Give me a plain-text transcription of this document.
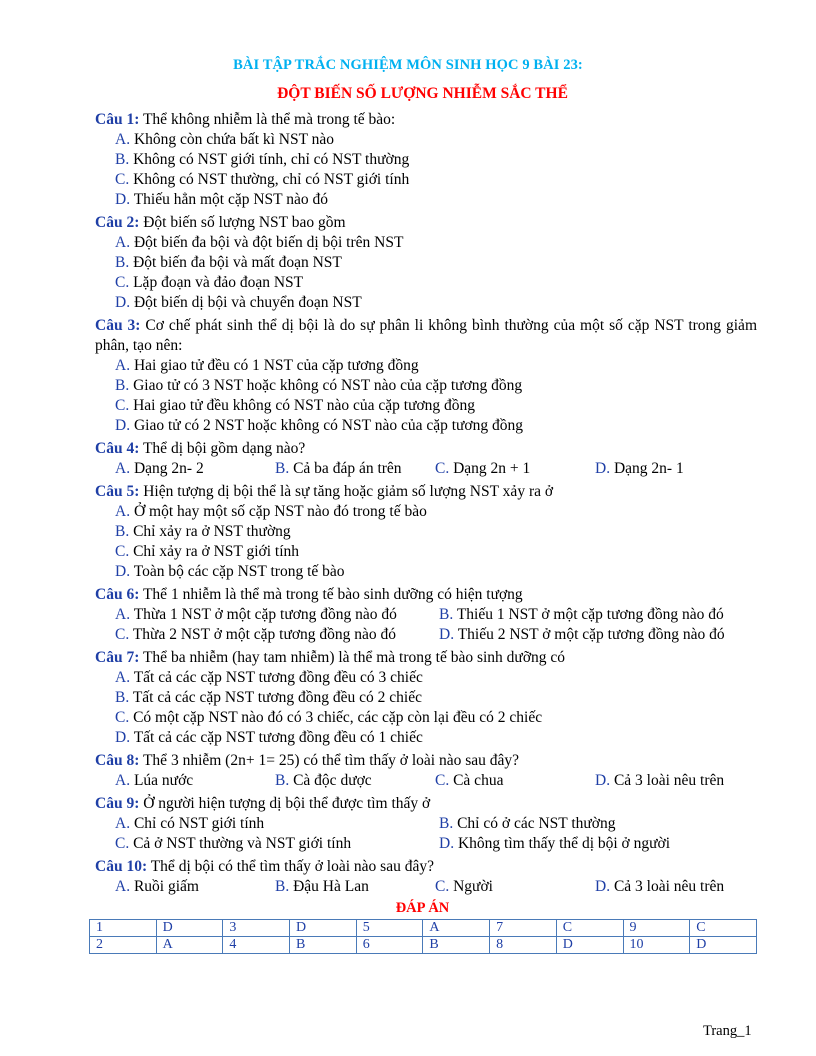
BÀI TẬP TRẮC NGHIỆM MÔN SINH HỌC 9 BÀI 23:
ĐỘT BIẾN SỐ LƯỢNG NHIỄM SẮC THỂ
Câu 1: Thể không nhiễm là thể mà trong tế bào:
A. Không còn chứa bất kì NST nào
B. Không có NST giới tính, chỉ có NST thường
C. Không có NST thường, chỉ có NST giới tính
D. Thiếu hẳn một cặp NST nào đó
Câu 2: Đột biến số lượng NST bao gồm
A. Đột biến đa bội và đột biến dị bội trên NST
B. Đột biến đa bội và mất đoạn NST
C. Lặp đoạn và đảo đoạn NST
D. Đột biến dị bội và chuyển đoạn NST
Câu 3: Cơ chế phát sinh thể dị bội là do sự phân li không bình thường của một số cặp NST trong giảm phân, tạo nên:
A. Hai giao tử đều có 1 NST của cặp tương đồng
B. Giao tử có 3 NST hoặc không có NST nào của cặp tương đồng
C. Hai giao tử đều không có NST nào của cặp tương đồng
D. Giao tử có 2 NST hoặc không có NST nào của cặp tương đồng
Câu 4: Thể dị bội gồm dạng nào?
A. Dạng 2n- 2	B. Cả ba đáp án trên	C. Dạng 2n + 1	D. Dạng 2n- 1
Câu 5: Hiện tượng dị bội thể là sự tăng hoặc giảm số lượng NST xảy ra ở
A. Ở một hay một số cặp NST nào đó trong tế bào
B. Chỉ xảy ra ở NST thường
C. Chỉ xảy ra ở NST giới tính
D. Toàn bộ các cặp NST trong tế bào
Câu 6: Thể 1 nhiễm là thể mà trong tế bào sinh dưỡng có hiện tượng
A. Thừa 1 NST ở một cặp tương đồng nào đó	B. Thiếu 1 NST ở một cặp tương đồng nào đó
C. Thừa 2 NST ở một cặp tương đồng nào đó	D. Thiếu 2 NST ở một cặp tương đồng nào đó
Câu 7: Thể ba nhiễm (hay tam nhiễm) là thể mà trong tế bào sinh dưỡng có
A. Tất cả các cặp NST tương đồng đều có 3 chiếc
B. Tất cả các cặp NST tương đồng đều có 2 chiếc
C. Có một cặp NST nào đó có 3 chiếc, các cặp còn lại đều có 2 chiếc
D. Tất cả các cặp NST tương đồng đều có 1 chiếc
Câu 8: Thể 3 nhiễm (2n+ 1= 25) có thể tìm thấy ở loài nào sau đây?
A. Lúa nước	B. Cà độc dược	C. Cà chua	D. Cả 3 loài nêu trên
Câu 9: Ở người hiện tượng dị bội thể được tìm thấy ở
A. Chỉ có NST giới tính	B. Chỉ có ở các NST thường
C. Cả ở NST thường và NST giới tính	D. Không tìm thấy thể dị bội ở người
Câu 10: Thể dị bội có thể tìm thấy ở loài nào sau đây?
A. Ruồi giấm	B. Đậu Hà Lan	C. Người	D. Cả 3 loài nêu trên
ĐÁP ÁN
1	D	3	D	5	A	7	C	9	C
2	A	4	B	6	B	8	D	10	D
Trang_1
